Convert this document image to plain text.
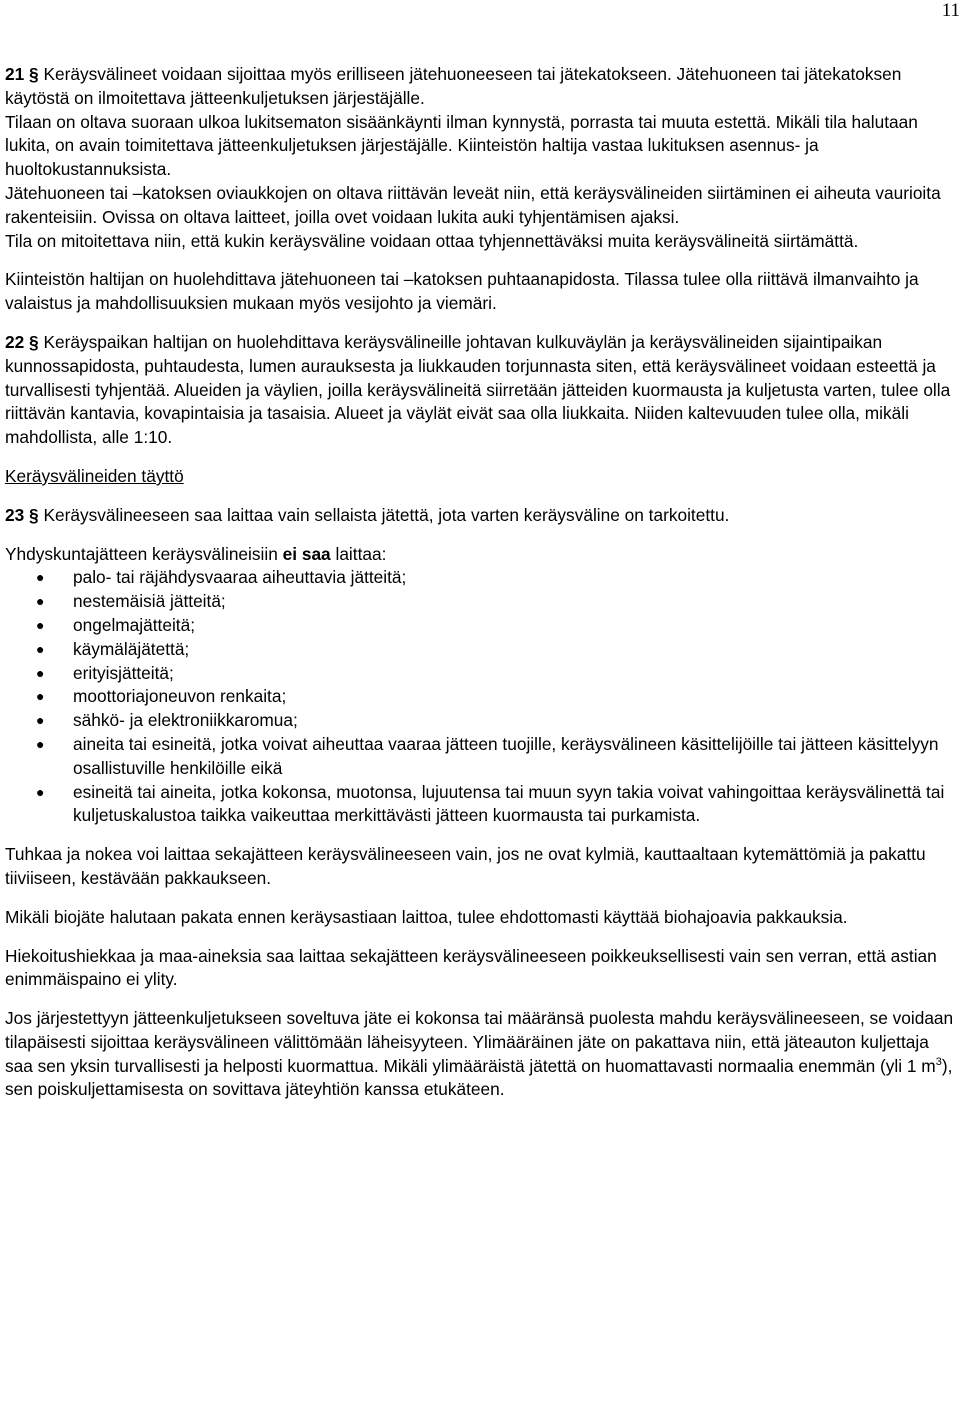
11

21 § Keräysvälineet voidaan sijoittaa myös erilliseen jätehuoneeseen tai jätekatokseen. Jätehuoneen tai jätekatoksen käytöstä on ilmoitettava jätteenkuljetuksen järjestäjälle.

Tilaan on oltava suoraan ulkoa lukitsematon sisäänkäynti ilman kynnystä, porrasta tai muuta estettä. Mikäli tila halutaan lukita, on avain toimitettava jätteenkuljetuksen järjestäjälle. Kiinteistön haltija vastaa lukituksen asennus- ja huoltokustannuksista.

Jätehuoneen tai –katoksen oviaukkojen on oltava riittävän leveät niin, että keräysvälineiden siirtäminen ei aiheuta vaurioita rakenteisiin. Ovissa on oltava laitteet, joilla ovet voidaan lukita auki tyhjentämisen ajaksi.

Tila on mitoitettava niin, että kukin keräysväline voidaan ottaa tyhjennettäväksi muita keräysvälineitä siirtämättä.

Kiinteistön haltijan on huolehdittava jätehuoneen tai –katoksen puhtaanapidosta. Tilassa tulee olla riittävä ilmanvaihto ja valaistus ja mahdollisuuksien mukaan myös vesijohto ja viemäri.

22 § Keräyspaikan haltijan on huolehdittava keräysvälineille johtavan kulkuväylän ja keräysvälineiden sijaintipaikan kunnossapidosta, puhtaudesta, lumen aurauksesta ja liukkauden torjunnasta siten, että keräysvälineet voidaan esteettä ja turvallisesti tyhjentää. Alueiden ja väylien, joilla keräysvälineitä siirretään jätteiden kuormausta ja kuljetusta varten, tulee olla riittävän kantavia, kovapintaisia ja tasaisia. Alueet ja väylät eivät saa olla liukkaita. Niiden kaltevuuden tulee olla, mikäli mahdollista, alle 1:10.

Keräysvälineiden täyttö

23 § Keräysvälineeseen saa laittaa vain sellaista jätettä, jota varten keräysväline on tarkoitettu.

Yhdyskuntajätteen keräysvälineisiin ei saa laittaa:

● palo- tai räjähdysvaaraa aiheuttavia jätteitä;
● nestemäisiä jätteitä;
● ongelmajätteitä;
● käymäläjätettä;
● erityisjätteitä;
● moottoriajoneuvon renkaita;
● sähkö- ja elektroniikkaromua;
● aineita tai esineitä, jotka voivat aiheuttaa vaaraa jätteen tuojille, keräysvälineen käsittelijöille tai jätteen käsittelyyn osallistuville henkilöille eikä
● esineitä tai aineita, jotka kokonsa, muotonsa, lujuutensa tai muun syyn takia voivat vahingoittaa keräysvälinettä tai kuljetuskalustoa taikka vaikeuttaa merkittävästi jätteen kuormausta tai purkamista.

Tuhkaa ja nokea voi laittaa sekajätteen keräysvälineeseen vain, jos ne ovat kylmiä, kauttaaltaan kytemättömiä ja pakattu tiiviiseen, kestävään pakkaukseen.

Mikäli biojäte halutaan pakata ennen keräysastiaan laittoa, tulee ehdottomasti käyttää biohajoavia pakkauksia.

Hiekoitushiekkaa ja maa-aineksia saa laittaa sekajätteen keräysvälineeseen poikkeuksellisesti vain sen verran, että astian enimmäispaino ei ylity.

Jos järjestettyyn jätteenkuljetukseen soveltuva jäte ei kokonsa tai määränsä puolesta mahdu keräysvälineeseen, se voidaan tilapäisesti sijoittaa keräysvälineen välittömään läheisyyteen. Ylimääräinen jäte on pakattava niin, että jäteauton kuljettaja saa sen yksin turvallisesti ja helposti kuormattua. Mikäli ylimääräistä jätettä on huomattavasti normaalia enemmän (yli 1 $m^3$), sen poiskuljettamisesta on sovittava jäteyhtiön kanssa etukäteen.
